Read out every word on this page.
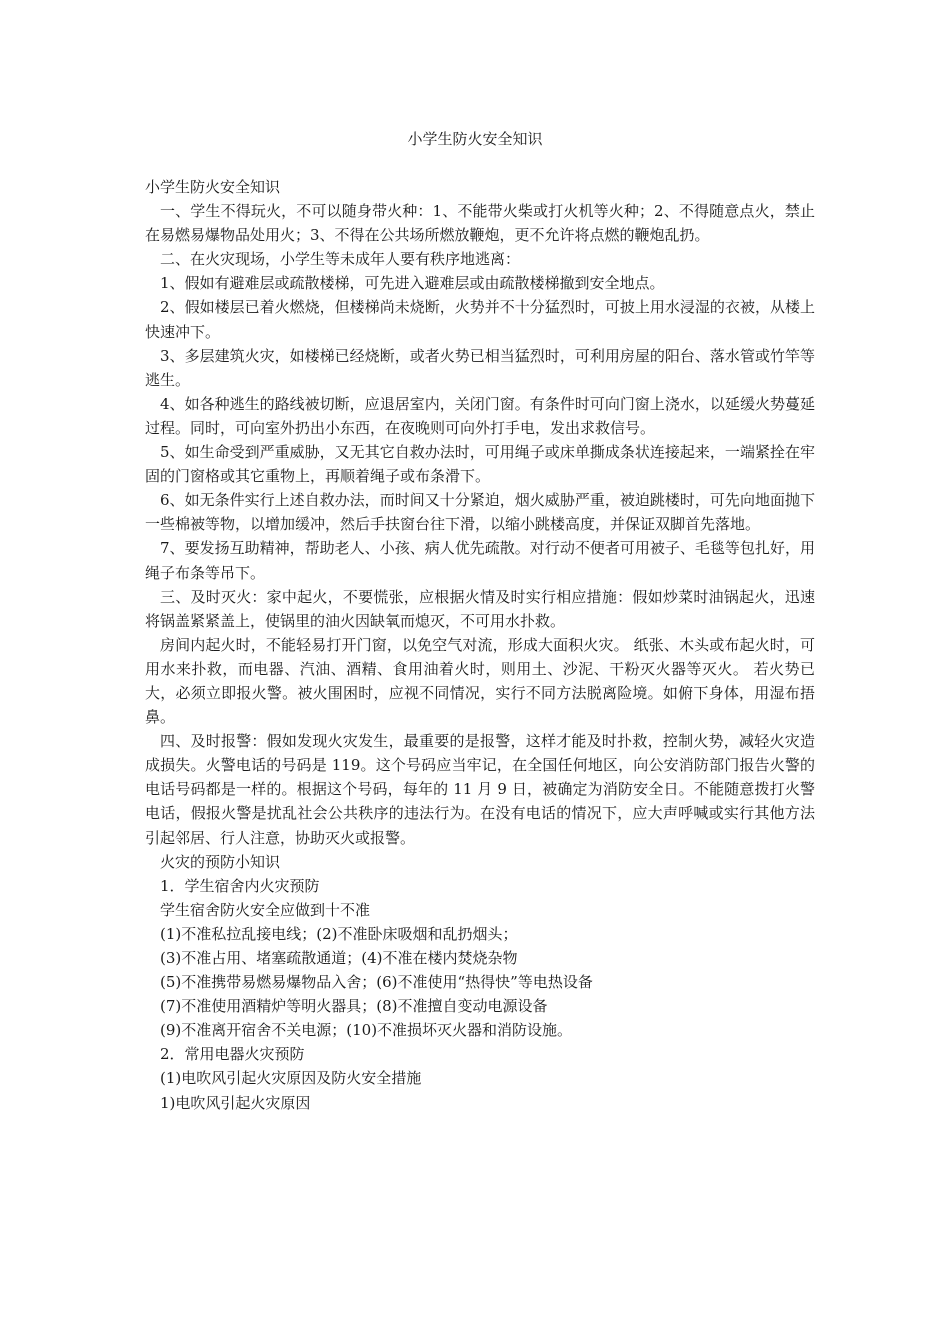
小学生防火安全知识

小学生防火安全知识

一、学生不得玩火，不可以随身带火种：1、不能带火柴或打火机等火种；2、不得随意点火，禁止在易燃易爆物品处用火；3、不得在公共场所燃放鞭炮，更不允许将点燃的鞭炮乱扔。

二、在火灾现场，小学生等未成年人要有秩序地逃离：

1、假如有避难层或疏散楼梯，可先进入避难层或由疏散楼梯撤到安全地点。

2、假如楼层已着火燃烧，但楼梯尚未烧断，火势并不十分猛烈时，可披上用水浸湿的衣被，从楼上快速冲下。

3、多层建筑火灾，如楼梯已经烧断，或者火势已相当猛烈时，可利用房屋的阳台、落水管或竹竿等逃生。

4、如各种逃生的路线被切断，应退居室内，关闭门窗。有条件时可向门窗上浇水，以延缓火势蔓延过程。同时，可向室外扔出小东西，在夜晚则可向外打手电，发出求救信号。

5、如生命受到严重威胁，又无其它自救办法时，可用绳子或床单撕成条状连接起来，一端紧拴在牢固的门窗格或其它重物上，再顺着绳子或布条滑下。

6、如无条件实行上述自救办法，而时间又十分紧迫，烟火威胁严重，被迫跳楼时，可先向地面抛下一些棉被等物，以增加缓冲，然后手扶窗台往下滑，以缩小跳楼高度，并保证双脚首先落地。

7、要发扬互助精神，帮助老人、小孩、病人优先疏散。对行动不便者可用被子、毛毯等包扎好，用绳子布条等吊下。

三、及时灭火：家中起火，不要慌张，应根据火情及时实行相应措施：假如炒菜时油锅起火，迅速将锅盖紧紧盖上，使锅里的油火因缺氧而熄灭，不可用水扑救。

房间内起火时，不能轻易打开门窗，以免空气对流，形成大面积火灾。 纸张、木头或布起火时，可用水来扑救，而电器、汽油、酒精、食用油着火时，则用土、沙泥、干粉灭火器等灭火。 若火势已大，必须立即报火警。被火围困时，应视不同情况，实行不同方法脱离险境。如俯下身体，用湿布捂鼻。

四、及时报警：假如发现火灾发生，最重要的是报警，这样才能及时扑救，控制火势，减轻火灾造成损失。火警电话的号码是 119。这个号码应当牢记，在全国任何地区，向公安消防部门报告火警的电话号码都是一样的。根据这个号码，每年的 11 月 9 日，被确定为消防安全日。不能随意拨打火警电话，假报火警是扰乱社会公共秩序的违法行为。在没有电话的情况下，应大声呼喊或实行其他方法引起邻居、行人注意，协助灭火或报警。

火灾的预防小知识

1．学生宿舍内火灾预防

学生宿舍防火安全应做到十不准

(1)不准私拉乱接电线；(2)不准卧床吸烟和乱扔烟头；

(3)不准占用、堵塞疏散通道；(4)不准在楼内焚烧杂物

(5)不准携带易燃易爆物品入舍；(6)不准使用“热得快”等电热设备

(7)不准使用酒精炉等明火器具；(8)不准擅自变动电源设备

(9)不准离开宿舍不关电源；(10)不准损坏灭火器和消防设施。

2．常用电器火灾预防

(1)电吹风引起火灾原因及防火安全措施

1)电吹风引起火灾原因
